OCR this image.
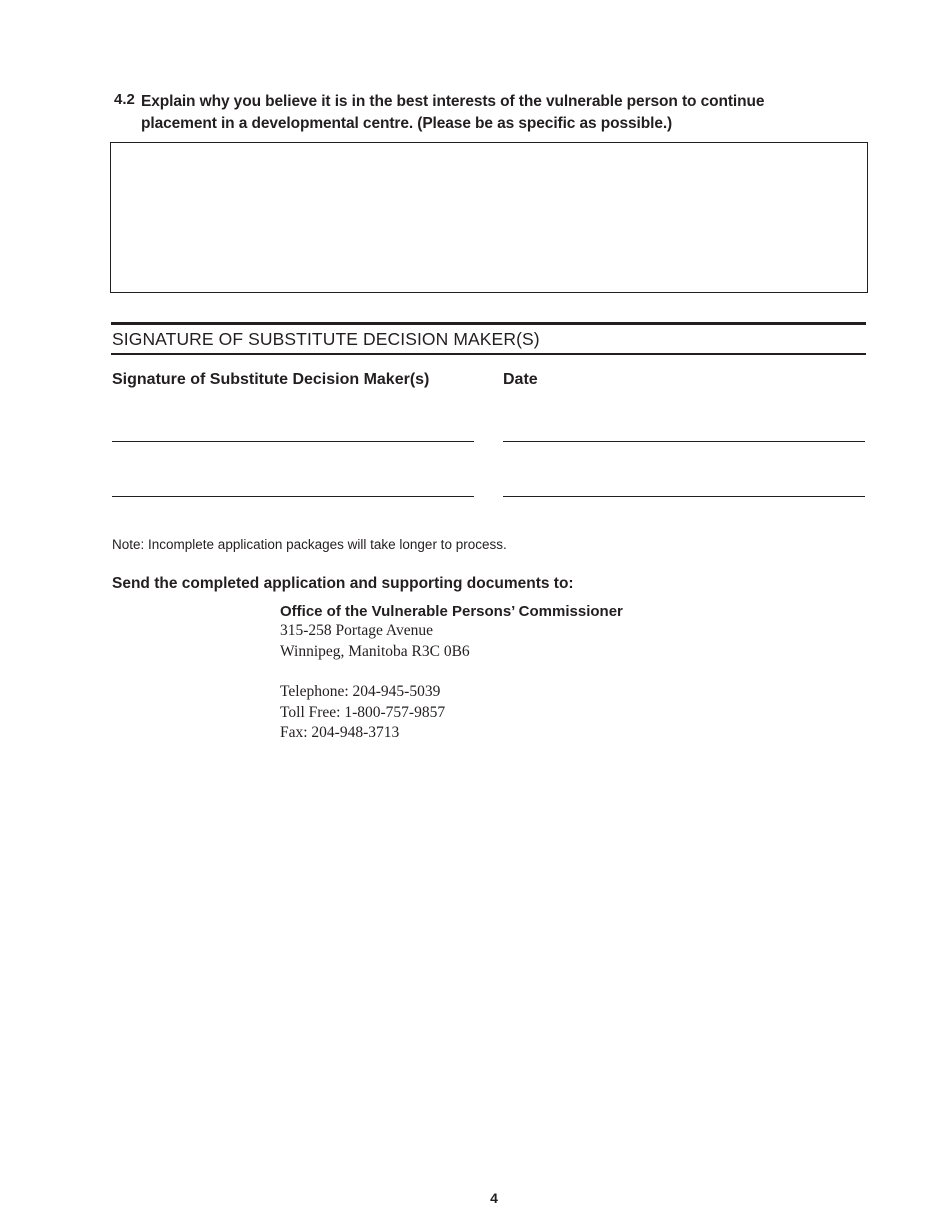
4.2 Explain why you believe it is in the best interests of the vulnerable person to continue placement in a developmental centre. (Please be as specific as possible.)
SIGNATURE OF SUBSTITUTE DECISION MAKER(S)
Signature of Substitute Decision Maker(s)	Date
Note: Incomplete application packages will take longer to process.
Send the completed application and supporting documents to:
Office of the Vulnerable Persons’ Commissioner
315-258 Portage Avenue
Winnipeg, Manitoba R3C 0B6
Telephone: 204-945-5039
Toll Free: 1-800-757-9857
Fax: 204-948-3713
4
